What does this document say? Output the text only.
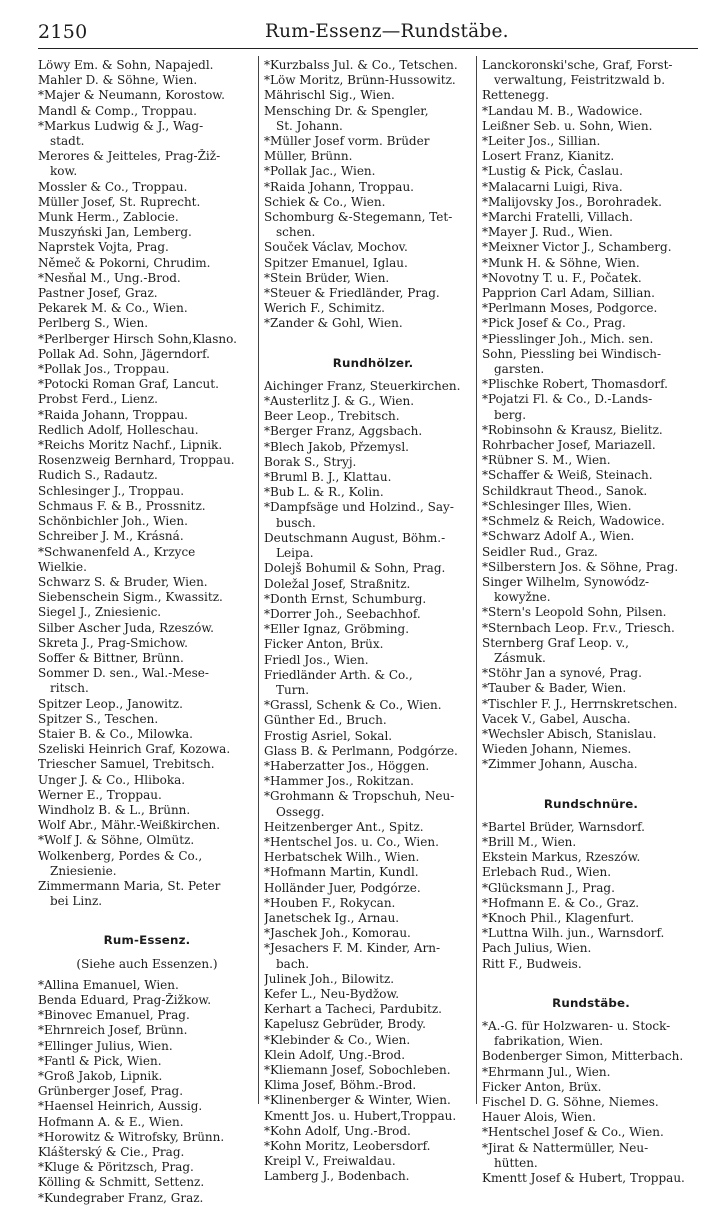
2150	Rum-Essenz—Rundstäbe.
Löwy Em. & Sohn, Napajedl.
Mahler D. & Söhne, Wien.
*Majer & Neumann, Korostow.
Mandl & Comp., Troppau.
*Markus Ludwig & J., Wag-
stadt.
Merores & Jeitteles, Prag-Žiž-
kow.
Mossler & Co., Troppau.
Müller Josef, St. Ruprecht.
Munk Herm., Zablocie.
Muszyński Jan, Lemberg.
Naprstek Vojta, Prag.
Němeč & Pokorni, Chrudim.
*Nesňal M., Ung.-Brod.
Pastner Josef, Graz.
Pekarek M. & Co., Wien.
Perlberg S., Wien.
*Perlberger Hirsch Sohn,Klasno.
Pollak Ad. Sohn, Jägerndorf.
*Pollak Jos., Troppau.
*Potocki Roman Graf, Lancut.
Probst Ferd., Lienz.
*Raida Johann, Troppau.
Redlich Adolf, Holleschau.
*Reichs Moritz Nachf., Lipnik.
Rosenzweig Bernhard, Troppau.
Rudich S., Radautz.
Schlesinger J., Troppau.
Schmaus F. & B., Prossnitz.
Schönbichler Joh., Wien.
Schreiber J. M., Krásná.
*Schwanenfeld A., Krzyce
Wielkie.
Schwarz S. & Bruder, Wien.
Siebenschein Sigm., Kwassitz.
Siegel J., Zniesienic.
Silber Ascher Juda, Rzeszów.
Skreta J., Prag-Smichow.
Soffer & Bittner, Brünn.
Sommer D. sen., Wal.-Mese-
ritsch.
Spitzer Leop., Janowitz.
Spitzer S., Teschen.
Staier B. & Co., Milowka.
Szeliski Heinrich Graf, Kozowa.
Triescher Samuel, Trebitsch.
Unger J. & Co., Hliboka.
Werner E., Troppau.
Windholz B. & L., Brünn.
Wolf Abr., Mähr.-Weißkirchen.
*Wolf J. & Söhne, Olmütz.
Wolkenberg, Pordes & Co.,
Zniesienie.
Zimmermann Maria, St. Peter
bei Linz.
Rum-Essenz.
(Siehe auch Essenzen.)
*Allina Emanuel, Wien.
Benda Eduard, Prag-Žižkow.
*Binovec Emanuel, Prag.
*Ehrnreich Josef, Brünn.
*Ellinger Julius, Wien.
*Fantl & Pick, Wien.
*Groß Jakob, Lipnik.
Grünberger Josef, Prag.
*Haensel Heinrich, Aussig.
Hofmann A. & E., Wien.
*Horowitz & Witrofsky, Brünn.
Klášterský & Cie., Prag.
*Kluge & Pöritzsch, Prag.
Kölling & Schmitt, Settenz.
*Kundegraber Franz, Graz.
*Kurzbalss Jul. & Co., Tetschen.
*Löw Moritz, Brünn-Hussowitz.
Mährischl Sig., Wien.
Mensching Dr. & Spengler,
St. Johann.
*Müller Josef vorm. Brüder
Müller, Brünn.
*Pollak Jac., Wien.
*Raida Johann, Troppau.
Schiek & Co., Wien.
Schomburg &-Stegemann, Tet-
schen.
Souček Václav, Mochov.
Spitzer Emanuel, Iglau.
*Stein Brüder, Wien.
*Steuer & Friedländer, Prag.
Werich F., Schimitz.
*Zander & Gohl, Wien.
Rundhölzer.
Aichinger Franz, Steuerkirchen.
*Austerlitz J. & G., Wien.
Beer Leop., Trebitsch.
*Berger Franz, Aggsbach.
*Blech Jakob, Přzemysl.
Borak S., Stryj.
*Bruml B. J., Klattau.
*Bub L. & R., Kolin.
*Dampfsäge und Holzind., Say-
busch.
Deutschmann August, Böhm.-
Leipa.
Doleјš Bohumil & Sohn, Prag.
Doležal Josef, Straßnitz.
*Donth Ernst, Schumburg.
*Dorrer Joh., Seebachhof.
*Eller Ignaz, Gröbming.
Ficker Anton, Brüx.
Friedl Jos., Wien.
Friedländer Arth. & Co.,
Turn.
*Grassl, Schenk & Co., Wien.
Günther Ed., Bruch.
Frostig Asriel, Sokal.
Glass B. & Perlmann, Podgórze.
*Haberzatter Jos., Höggen.
*Hammer Jos., Rokitzan.
*Grohmann & Tropschuh, Neu-
Ossegg.
Heitzenberger Ant., Spitz.
*Hentschel Jos. u. Co., Wien.
Herbatschek Wilh., Wien.
*Hofmann Martin, Kundl.
Holländer Juer, Podgórze.
*Houben F., Rokycan.
Janetschek Ig., Arnau.
*Jaschek Joh., Komorau.
*Jesachers F. M. Kinder, Arn-
bach.
Julinek Joh., Bilowitz.
Kefer L., Neu-Bydžow.
Kerhart a Tacheci, Pardubitz.
Kapelusz Gebrüder, Brody.
*Klebinder & Co., Wien.
Klein Adolf, Ung.-Brod.
*Kliemann Josef, Sobochleben.
Klima Josef, Böhm.-Brod.
*Klinenberger & Winter, Wien.
Kmentt Jos. u. Hubert,Troppau.
*Kohn Adolf, Ung.-Brod.
*Kohn Moritz, Leobersdorf.
Kreipl V., Freiwaldau.
Lamberg J., Bodenbach.
Lanckoronski'sche, Graf, Forst-
verwaltung, Feistritzwald b.
Rettenegg.
*Landau M. B., Wadowice.
Leißner Seb. u. Sohn, Wien.
*Leiter Jos., Sillian.
Losert Franz, Kianitz.
*Lustig & Pick, Časlau.
*Malacarni Luigi, Riva.
*Malijovsky Jos., Borohradek.
*Marchi Fratelli, Villach.
*Mayer J. Rud., Wien.
*Meixner Victor J., Schamberg.
*Munk H. & Söhne, Wien.
*Novotny T. u. F., Počatek.
Papprion Carl Adam, Sillian.
*Perlmann Moses, Podgorce.
*Pick Josef & Co., Prag.
*Piesslinger Joh., Mich. sen.
Sohn, Piessling bei Windisch-
garsten.
*Plischke Robert, Thomasdorf.
*Pojatzi Fl. & Co., D.-Lands-
berg.
*Robinsohn & Krausz, Bielitz.
Rohrbacher Josef, Mariazell.
*Rübner S. M., Wien.
*Schaffer & Weiß, Steinach.
Schildkraut Theod., Sanok.
*Schlesinger Illes, Wien.
*Schmelz & Reich, Wadowice.
*Schwarz Adolf A., Wien.
Seidler Rud., Graz.
*Silberstern Jos. & Söhne, Prag.
Singer Wilhelm, Synowódz-
kowyžne.
*Stern's Leopold Sohn, Pilsen.
*Sternbach Leop. Fr.v., Triesch.
Sternberg Graf Leop. v.,
Zásmuk.
*Stöhr Jan a synové, Prag.
*Tauber & Bader, Wien.
*Tischler F. J., Herrnskretschen.
Vacek V., Gabel, Auscha.
*Wechsler Abisch, Stanislau.
Wieden Johann, Niemes.
*Zimmer Johann, Auscha.
Rundschnüre.
*Bartel Brüder, Warnsdorf.
*Brill M., Wien.
Ekstein Markus, Rzeszów.
Erlebach Rud., Wien.
*Glücksmann J., Prag.
*Hofmann E. & Co., Graz.
*Knoch Phil., Klagenfurt.
*Luttna Wilh. jun., Warnsdorf.
Pach Julius, Wien.
Ritt F., Budweis.
Rundstäbe.
*A.-G. für Holzwaren- u. Stock-
fabrikation, Wien.
Bodenberger Simon, Mitterbach.
*Ehrmann Jul., Wien.
Ficker Anton, Brüx.
Fischel D. G. Söhne, Niemes.
Hauer Alois, Wien.
*Hentschel Josef & Co., Wien.
*Jirat & Nattermüller, Neu-
hütten.
Kmentt Josef & Hubert, Troppau.
